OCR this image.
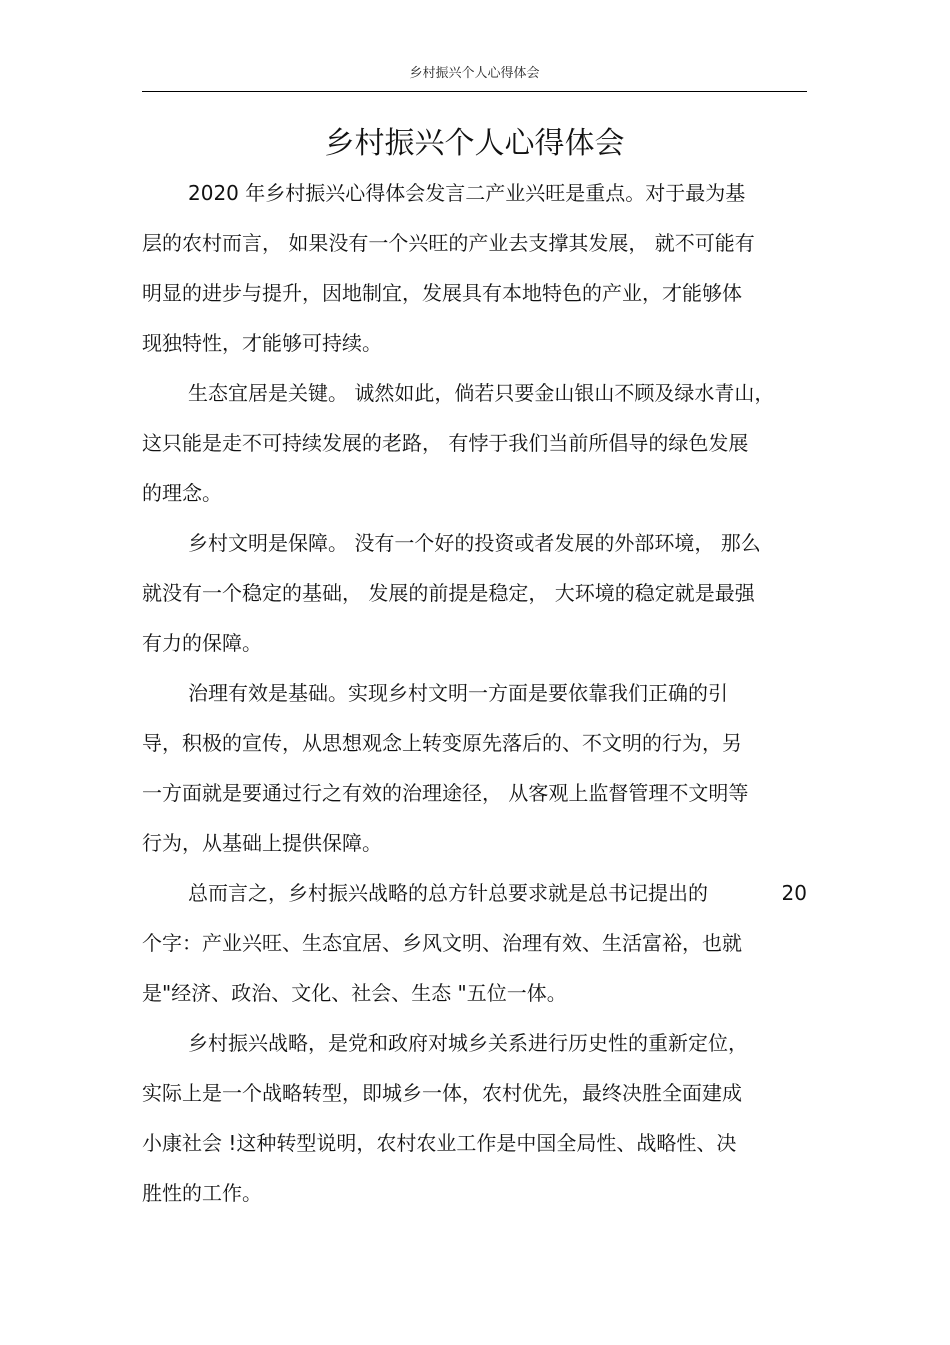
乡村振兴个人心得体会
乡村振兴个人心得体会
2020 年乡村振兴心得体会发言二产业兴旺是重点。对于最为基
层的农村而言， 如果没有一个兴旺的产业去支撑其发展， 就不可能有
明显的进步与提升，因地制宜，发展具有本地特色的产业，才能够体
现独特性，才能够可持续。
生态宜居是关键。 诚然如此，倘若只要金山银山不顾及绿水青山，
这只能是走不可持续发展的老路， 有悖于我们当前所倡导的绿色发展
的理念。
乡村文明是保障。 没有一个好的投资或者发展的外部环境， 那么
就没有一个稳定的基础， 发展的前提是稳定， 大环境的稳定就是最强
有力的保障。
治理有效是基础。实现乡村文明一方面是要依靠我们正确的引
导，积极的宣传，从思想观念上转变原先落后的、不文明的行为，另
一方面就是要通过行之有效的治理途径， 从客观上监督管理不文明等
行为，从基础上提供保障。
总而言之，乡村振兴战略的总方针总要求就是总书记提出的	20
个字：产业兴旺、生态宜居、乡风文明、治理有效、生活富裕，也就
是"经济、政治、文化、社会、生态 "五位一体。
乡村振兴战略，是党和政府对城乡关系进行历史性的重新定位，
实际上是一个战略转型，即城乡一体，农村优先，最终决胜全面建成
小康社会 !这种转型说明，农村农业工作是中国全局性、战略性、决
胜性的工作。
